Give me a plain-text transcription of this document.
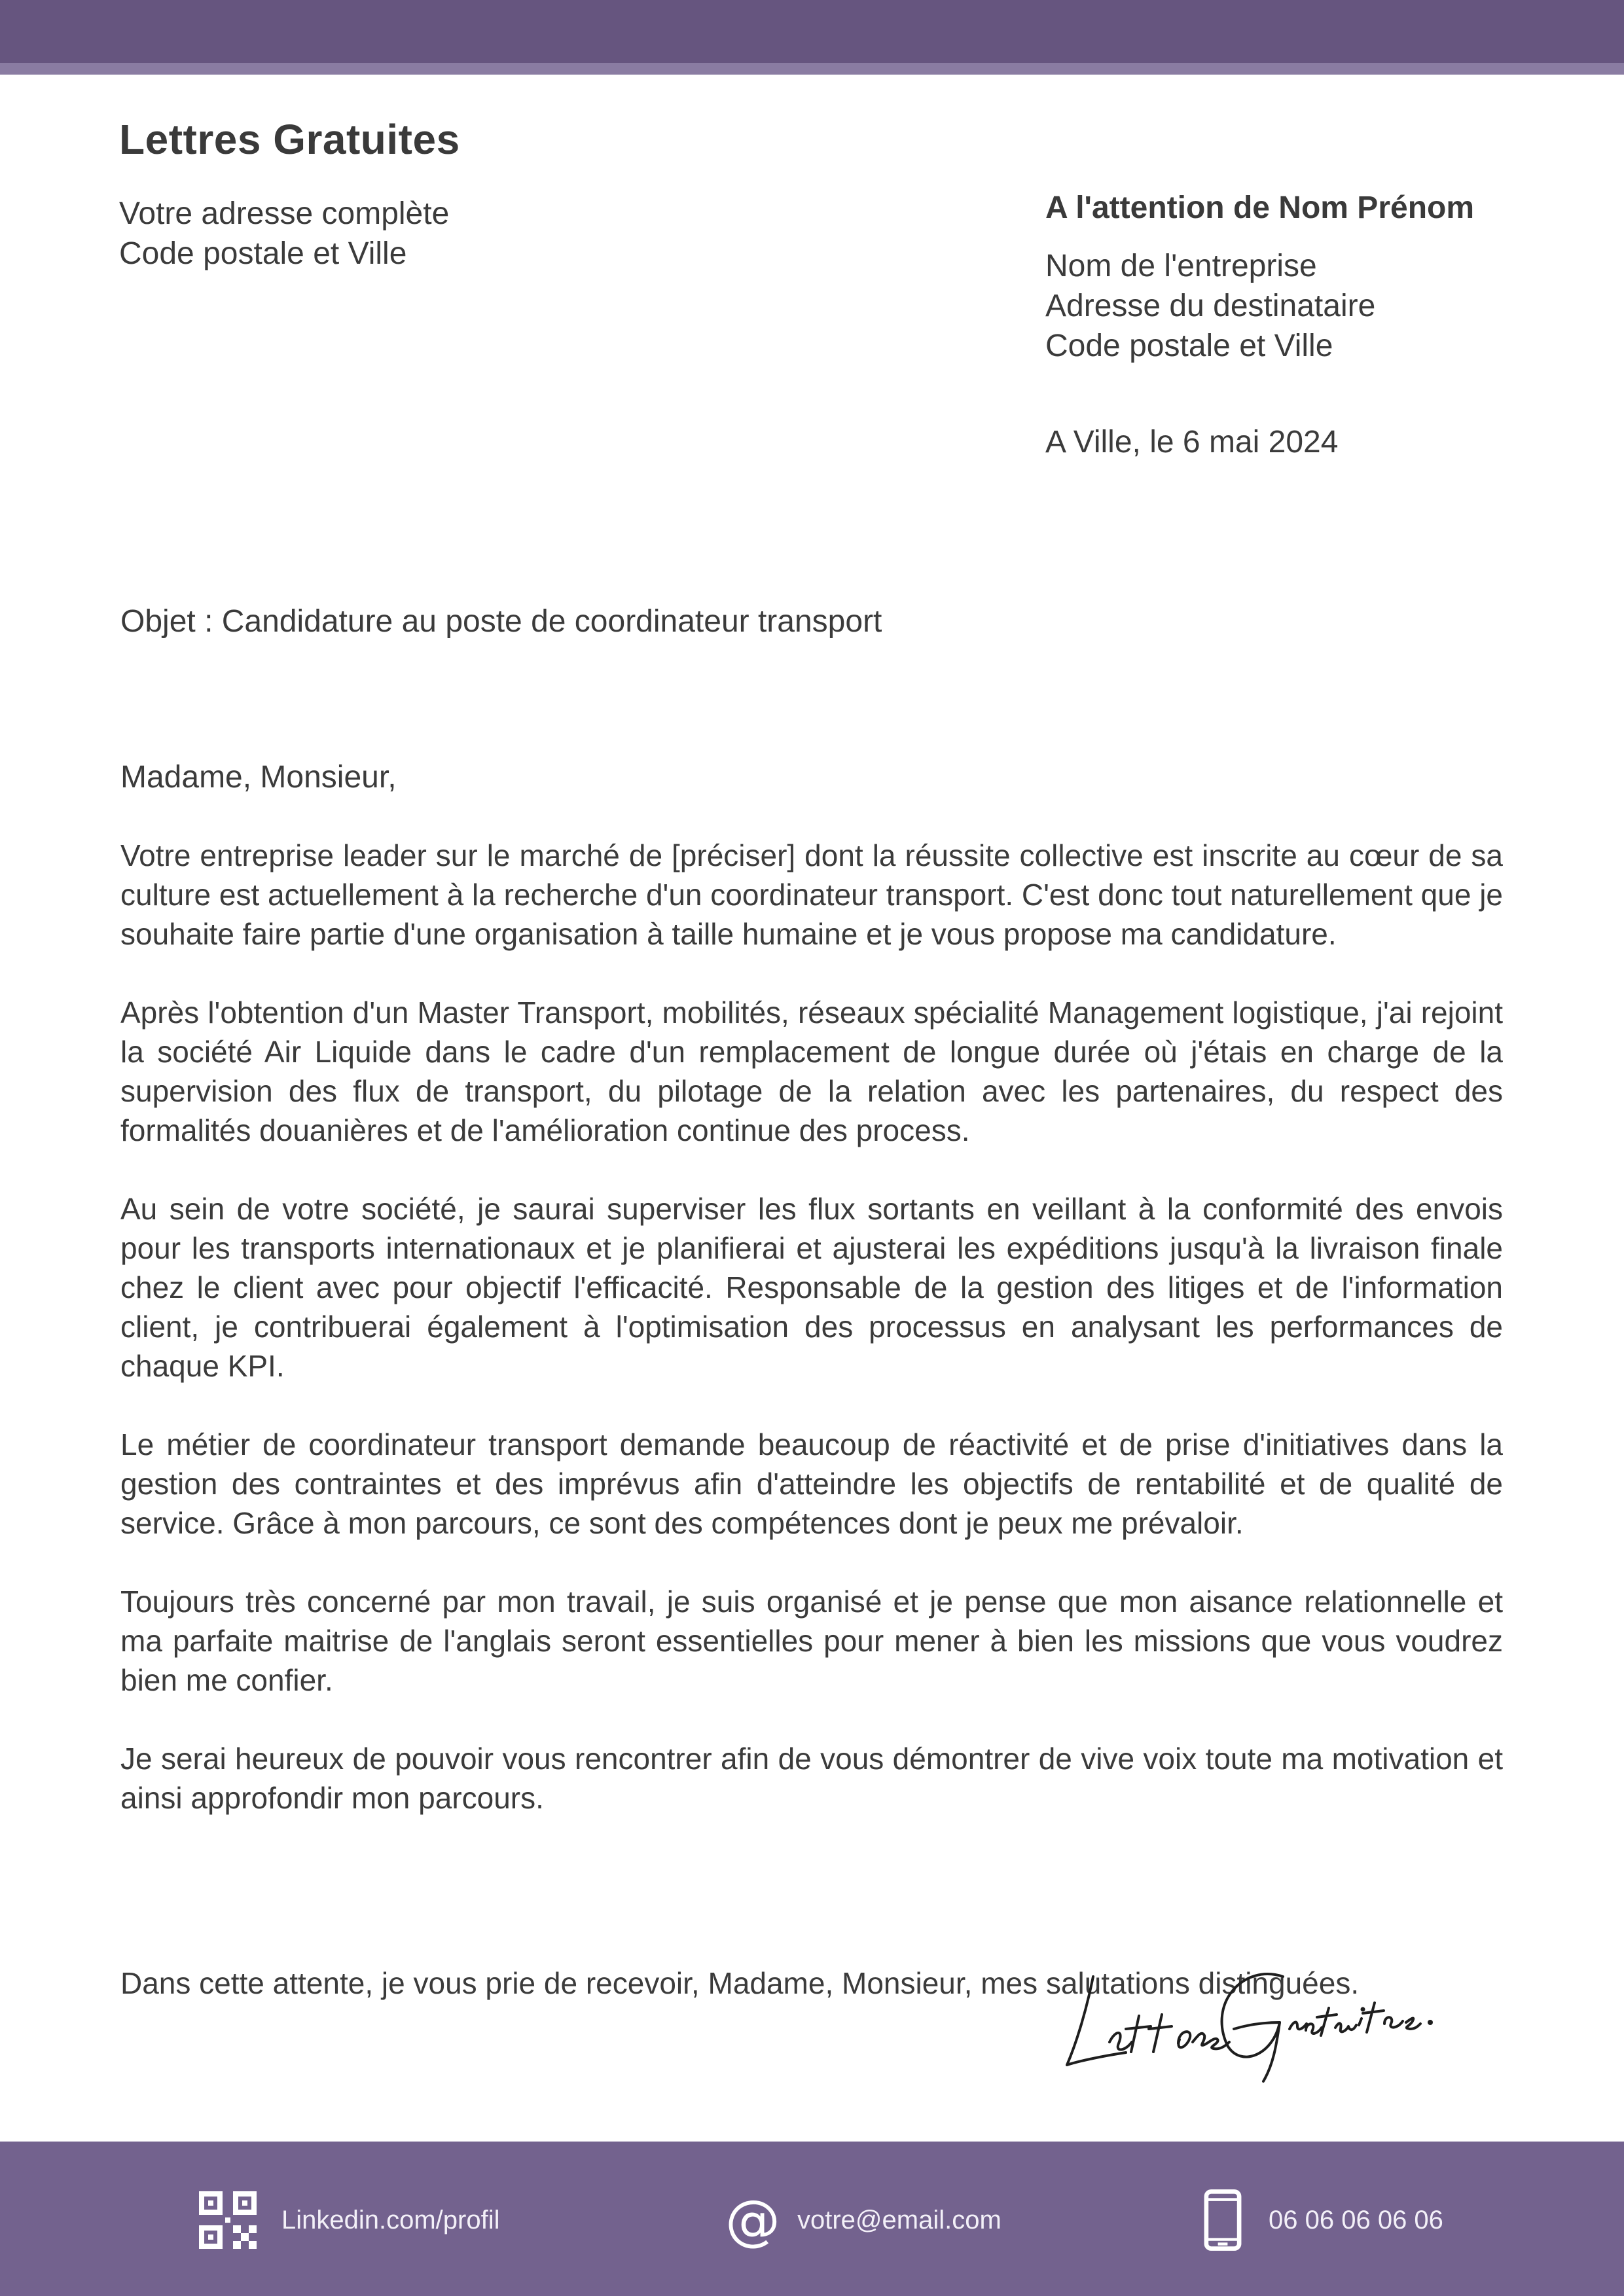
Lettres Gratuites
Votre adresse complète
Code postale et Ville
A l'attention de Nom Prénom
Nom de l'entreprise
Adresse du destinataire
Code postale et Ville
A Ville, le 6 mai 2024
Objet : Candidature au poste de coordinateur transport
Madame, Monsieur,

Votre entreprise leader sur le marché de [préciser] dont la réussite collective est inscrite au cœur de sa culture est actuellement à la recherche d'un coordinateur transport. C'est donc tout naturellement que je souhaite faire partie d'une organisation à taille humaine et je vous propose ma candidature.

Après l'obtention d'un Master Transport, mobilités, réseaux spécialité Management logistique, j'ai rejoint la société Air Liquide dans le cadre d'un remplacement de longue durée où j'étais en charge de la supervision des flux de transport, du pilotage de la relation avec les partenaires, du respect des formalités douanières et de l'amélioration continue des process.

Au sein de votre société, je saurai superviser les flux sortants en veillant à la conformité des envois pour les transports internationaux et je planifierai et ajusterai les expéditions jusqu'à la livraison finale chez le client avec pour objectif l'efficacité. Responsable de la gestion des litiges et de l'information client, je contribuerai également à l'optimisation des processus en analysant les performances de chaque KPI.

Le métier de coordinateur transport demande beaucoup de réactivité et de prise d'initiatives dans la gestion des contraintes et des imprévus afin d'atteindre les objectifs de rentabilité et de qualité de service. Grâce à mon parcours, ce sont des compétences dont je peux me prévaloir.

Toujours très concerné par mon travail, je suis organisé et je pense que mon aisance relationnelle et ma parfaite maitrise de l'anglais seront essentielles pour mener à bien les missions que vous voudrez bien me confier.

Je serai heureux de pouvoir vous rencontrer afin de vous démontrer de vive voix toute ma motivation et ainsi approfondir mon parcours.

Dans cette attente, je vous prie de recevoir, Madame, Monsieur, mes salutations distinguées.
Linkedin.com/profil	@ votre@email.com	06 06 06 06 06
